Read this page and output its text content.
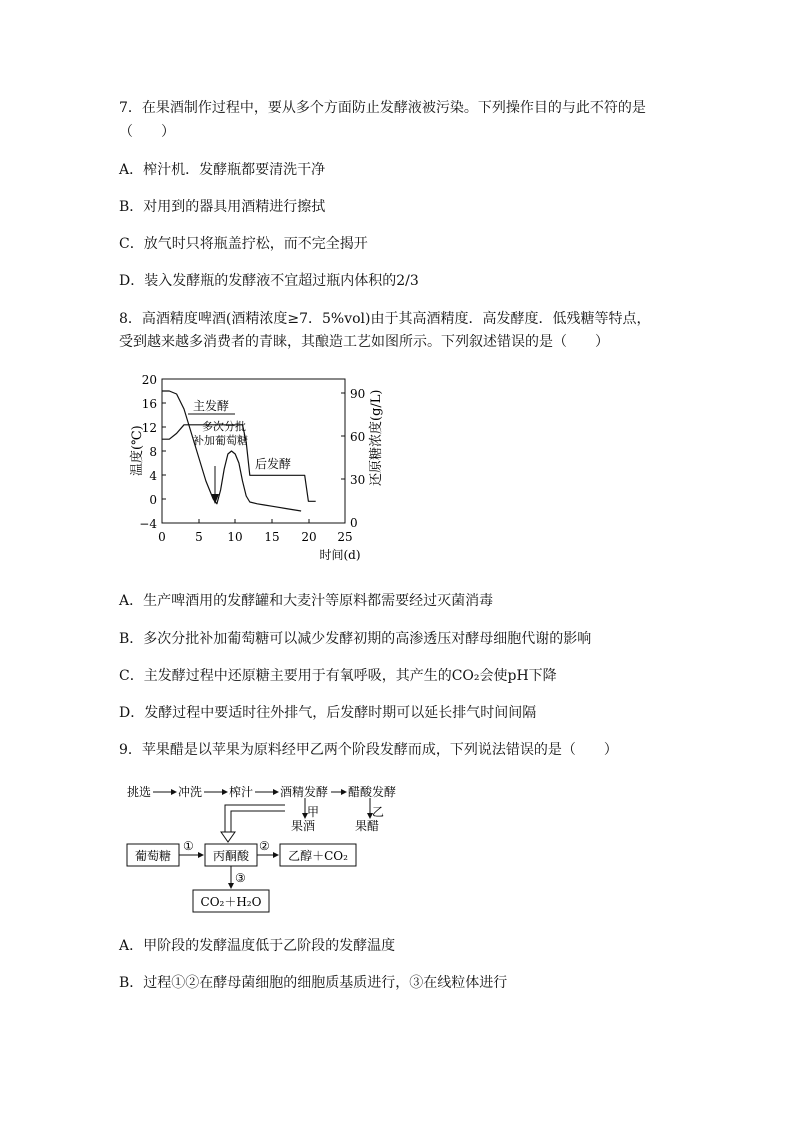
7．在果酒制作过程中，要从多个方面防止发酵液被污染。下列操作目的与此不符的是
（　　）
A．榨汁机．发酵瓶都要清洗干净
B．对用到的器具用酒精进行擦拭
C．放气时只将瓶盖拧松，而不完全揭开
D．装入发酵瓶的发酵液不宜超过瓶内体积的2/3
8．高酒精度啤酒(酒精浓度≥7．5%vol)由于其高酒精度．高发酵度．低残糖等特点，
受到越来越多消费者的青睐，其酿造工艺如图所示。下列叙述错误的是（　　）
20
16
12
8
4
0
−4
90
60
30
0
0 5 10 15 20 25
时间(d)
温度(℃)	还原糖浓度(g/L)
主发酵
多次分批
补加葡萄糖
后发酵
A．生产啤酒用的发酵罐和大麦汁等原料都需要经过灭菌消毒
B．多次分批补加葡萄糖可以减少发酵初期的高渗透压对酵母细胞代谢的影响
C．主发酵过程中还原糖主要用于有氧呼吸，其产生的CO₂会使pH下降
D．发酵过程中要适时往外排气，后发酵时期可以延长排气时间间隔
9．苹果醋是以苹果为原料经甲乙两个阶段发酵而成，下列说法错误的是（　　）
挑选 冲洗 榨汁 酒精发酵 醋酸发酵
甲	乙
果酒	果醋
葡萄糖	丙酮酸	乙醇＋CO₂
CO₂＋H₂O
①	②
③
A．甲阶段的发酵温度低于乙阶段的发酵温度
B．过程①②在酵母菌细胞的细胞质基质进行，③在线粒体进行
